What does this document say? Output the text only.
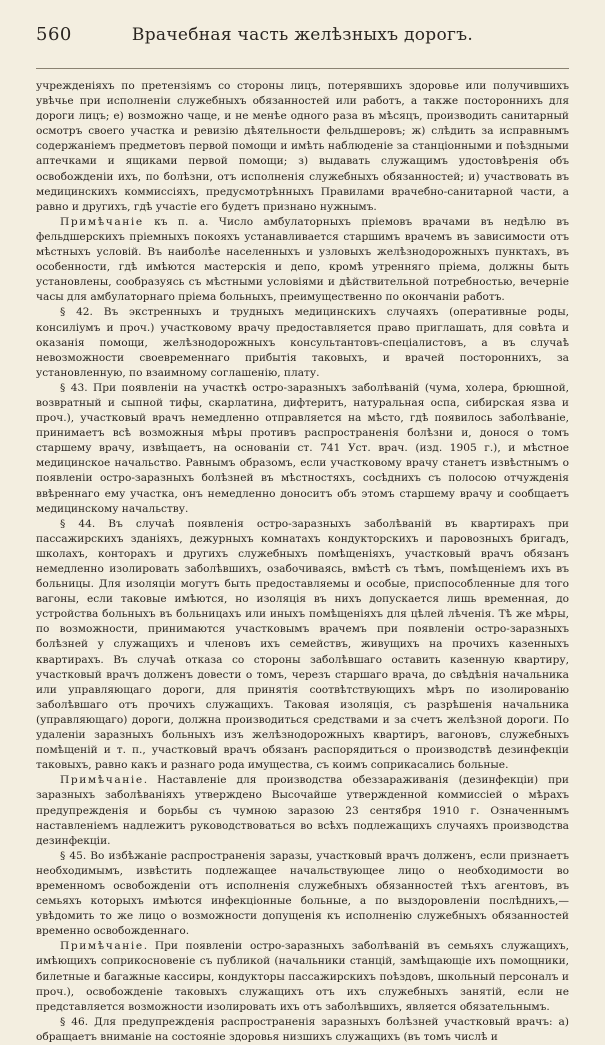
560	Врачебная часть желѣзныхъ дорогъ.

учрежденіяхъ по претензіямъ со стороны лицъ, потерявшихъ здоровье или получившихъ увѣчье при исполненіи служебныхъ обязанностей или работъ, а также постороннихъ для дороги лицъ; е) возможно чаще, и не менѣе одного раза въ мѣсяцъ, производить санитарный осмотръ своего участка и ревизію дѣятельности фельдшеровъ; ж) слѣдить за исправнымъ содержаніемъ предметовъ первой помощи и имѣть наблюденіе за станціонными и поѣздными аптечками и ящиками первой помощи; з) выдавать служащимъ удостовѣренія объ освобожденіи ихъ, по болѣзни, отъ исполненія служебныхъ обязанностей; и) участвовать въ медицинскихъ коммиссіяхъ, предусмотрѣнныхъ Правилами врачебно-санитарной части, а равно и другихъ, гдѣ участіе его будетъ признано нужнымъ.

Примѣчаніе къ п. а. Число амбулаторныхъ пріемовъ врачами въ недѣлю въ фельдшерскихъ пріемныхъ покояхъ устанавливается старшимъ врачемъ въ зависимости отъ мѣстныхъ условій. Въ наиболѣе населенныхъ и узловыхъ желѣзнодорожныхъ пунктахъ, въ особенности, гдѣ имѣются мастерскія и депо, кромѣ утренняго пріема, должны быть установлены, сообразуясь съ мѣстными условіями и дѣйствительной потребностью, вечерніе часы для амбулаторнаго пріема больныхъ, преимущественно по окончаніи работъ.

§ 42. Въ экстренныхъ и трудныхъ медицинскихъ случаяхъ (оперативные роды, консиліумъ и проч.) участковому врачу предоставляется право приглашать, для совѣта и оказанія помощи, желѣзнодорожныхъ консультантовъ-спеціалистовъ, а въ случаѣ невозможности своевременнаго прибытія таковыхъ, и врачей постороннихъ, за установленную, по взаимному соглашенію, плату.

§ 43. При появленіи на участкѣ остро-заразныхъ заболѣваній (чума, холера, брюшной, возвратный и сыпной тифы, скарлатина, дифтеритъ, натуральная оспа, сибирская язва и проч.), участковый врачъ немедленно отправляется на мѣсто, гдѣ появилось заболѣваніе, принимаетъ всѣ возможныя мѣры противъ распространенія болѣзни и, донося о томъ старшему врачу, извѣщаетъ, на основаніи ст. 741 Уст. врач. (изд. 1905 г.), и мѣстное медицинское начальство. Равнымъ образомъ, если участковому врачу станетъ извѣстнымъ о появленіи остро-заразныхъ болѣзней въ мѣстностяхъ, сосѣднихъ съ полосою отчужденія ввѣреннаго ему участка, онъ немедленно доноситъ объ этомъ старшему врачу и сообщаетъ медицинскому начальству.

§ 44. Въ случаѣ появленія остро-заразныхъ заболѣваній въ квартирахъ при пассажирскихъ зданіяхъ, дежурныхъ комнатахъ кондукторскихъ и паровозныхъ бригадъ, школахъ, конторахъ и другихъ служебныхъ помѣщеніяхъ, участковый врачъ обязанъ немедленно изолировать заболѣвшихъ, озабочиваясь, вмѣстѣ съ тѣмъ, помѣщеніемъ ихъ въ больницы. Для изоляціи могутъ быть предоставляемы и особые, приспособленные для того вагоны, если таковые имѣются, но изоляція въ нихъ допускается лишь временная, до устройства больныхъ въ больницахъ или иныхъ помѣщеніяхъ для цѣлей лѣченія. Тѣ же мѣры, по возможности, принимаются участковымъ врачемъ при появленіи остро-заразныхъ болѣзней у служащихъ и членовъ ихъ семействъ, живущихъ на прочихъ казенныхъ квартирахъ. Въ случаѣ отказа со стороны заболѣвшаго оставить казенную квартиру, участковый врачъ долженъ довести о томъ, черезъ старшаго врача, до свѣдѣнія начальника или управляющаго дороги, для принятія соотвѣтствующихъ мѣръ по изолированію заболѣвшаго отъ прочихъ служащихъ. Таковая изоляція, съ разрѣшенія начальника (управляющаго) дороги, должна производиться средствами и за счетъ желѣзной дороги. По удаленіи заразныхъ больныхъ изъ желѣзнодорожныхъ квартиръ, вагоновъ, служебныхъ помѣщеній и т. п., участковый врачъ обязанъ распорядиться о производствѣ дезинфекціи таковыхъ, равно какъ и разнаго рода имущества, съ коимъ соприкасались больные.

Примѣчаніе. Наставленіе для производства обеззараживанія (дезинфекціи) при заразныхъ заболѣваніяхъ утверждено Высочайше утвержденной коммиссіей о мѣрахъ предупрежденія и борьбы съ чумною заразою 23 сентября 1910 г. Означеннымъ наставленіемъ надлежитъ руководствоваться во всѣхъ подлежащихъ случаяхъ производства дезинфекціи.

§ 45. Во избѣжаніе распространенія заразы, участковый врачъ долженъ, если признаетъ необходимымъ, извѣстить подлежащее начальствующее лицо о необходимости во временномъ освобожденіи отъ исполненія служебныхъ обязанностей тѣхъ агентовъ, въ семьяхъ которыхъ имѣются инфекціонные больные, а по выздоровленіи послѣднихъ,— увѣдомить то же лицо о возможности допущенія къ исполненію служебныхъ обязанностей временно освобожденнаго.

Примѣчаніе. При появленіи остро-заразныхъ заболѣваній въ семьяхъ служащихъ, имѣющихъ соприкосновеніе съ публикой (начальники станцій, замѣщающіе ихъ помощники, билетные и багажные кассиры, кондукторы пассажирскихъ поѣздовъ, школьный персоналъ и проч.), освобожденіе таковыхъ служащихъ отъ ихъ служебныхъ занятій, если не представляется возможности изолировать ихъ отъ заболѣвшихъ, является обязательнымъ.

§ 46. Для предупрежденія распространенія заразныхъ болѣзней участковый врачъ: а) обращаетъ вниманіе на состояніе здоровья низшихъ служащихъ (въ томъ числѣ и
